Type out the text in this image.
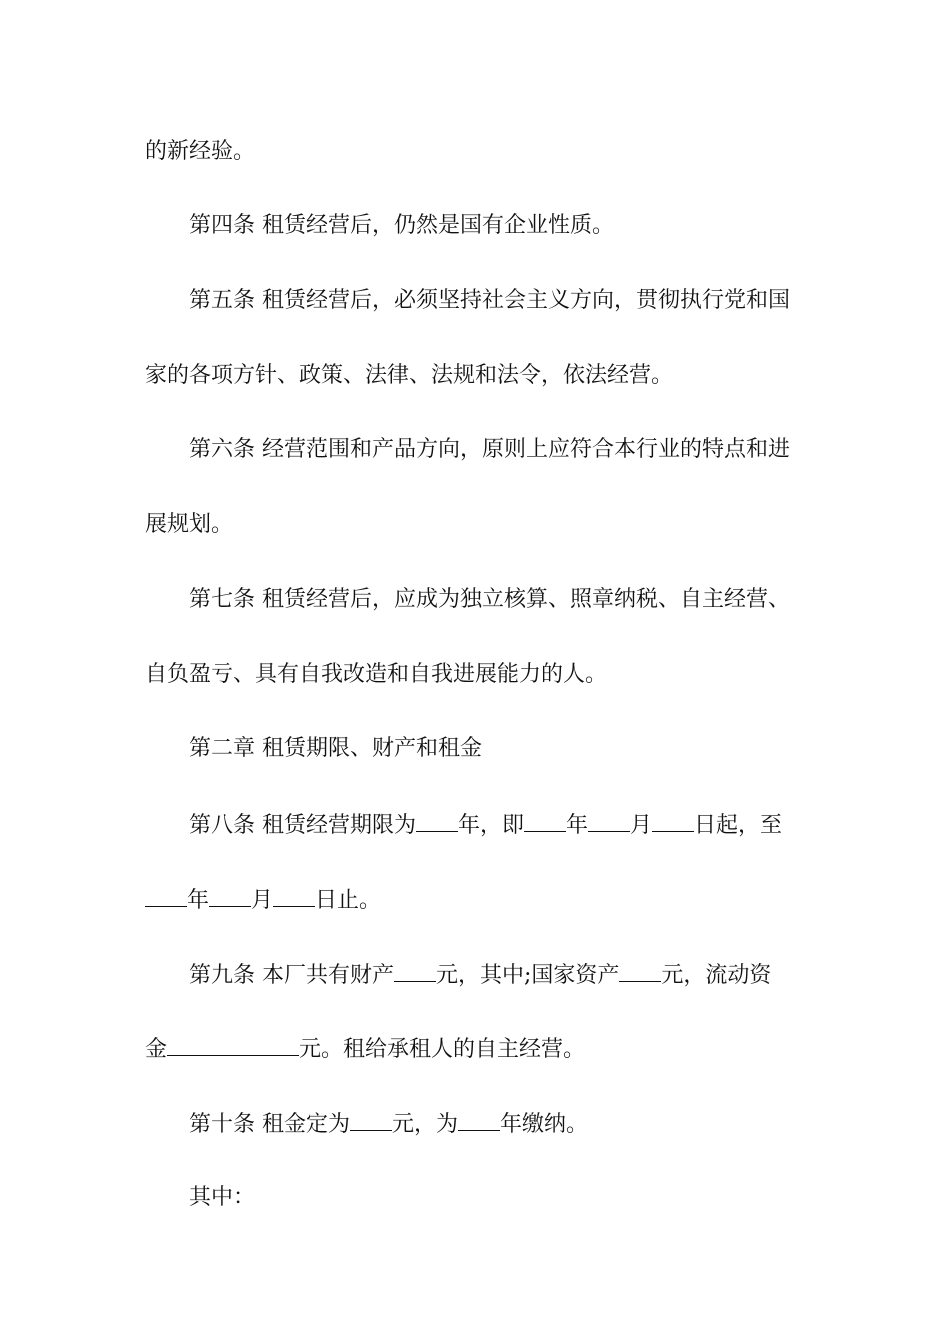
的新经验。
第四条 租赁经营后，仍然是国有企业性质。
第五条 租赁经营后，必须坚持社会主义方向，贯彻执行党和国
家的各项方针、政策、法律、法规和法令，依法经营。
第六条 经营范围和产品方向，原则上应符合本行业的特点和进
展规划。
第七条 租赁经营后，应成为独立核算、照章纳税、自主经营、
自负盈亏、具有自我改造和自我进展能力的人。
第二章 租赁期限、财产和租金
第八条 租赁经营期限为 年，即 年 月 日起，至
年 月 日止。
第九条 本厂共有财产 元，其中;国家资产 元，流动资
金	元。租给承租人的自主经营。
第十条 租金定为 元，为 年缴纳。
其中：
